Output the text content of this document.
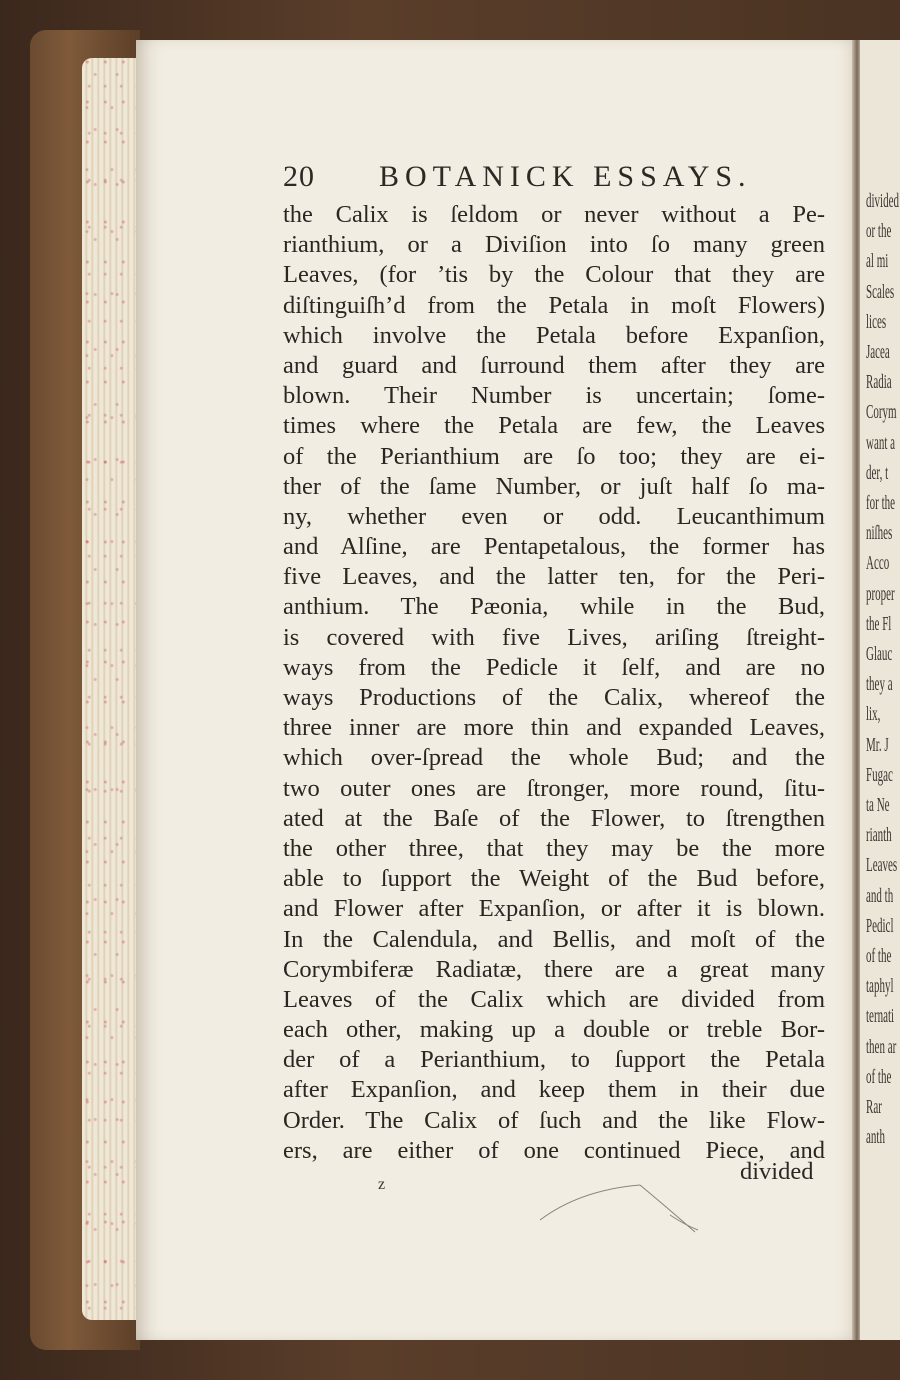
divided
or the
al mi
Scales
lices
Jacea
Radia
Corym
want a
der, t
for the
niſhes
Acco
proper
the Fl
Glauc
they a
lix,
Mr. J
Fugac
ta Ne
rianth
Leaves
and th
Pedicl
of the
taphyl
ternati
then ar
of the
Rar
anth
20 BOTANICK ESSAYS.
the Calix is ſeldom or never without a Pe-
rianthium, or a Diviſion into ſo many green
Leaves, (for ’tis by the Colour that they are
diſtinguiſh’d from the Petala in moſt Flowers)
which involve the Petala before Expanſion,
and guard and ſurround them after they are
blown. Their Number is uncertain; ſome-
times where the Petala are few, the Leaves
of the Perianthium are ſo too; they are ei-
ther of the ſame Number, or juſt half ſo ma-
ny, whether even or odd. Leucanthimum
and Alſine, are Pentapetalous, the former has
five Leaves, and the latter ten, for the Peri-
anthium. The Pæonia, while in the Bud,
is covered with five Lives, ariſing ſtreight-
ways from the Pedicle it ſelf, and are no
ways Productions of the Calix, whereof the
three inner are more thin and expanded Leaves,
which over-ſpread the whole Bud; and the
two outer ones are ſtronger, more round, ſitu-
ated at the Baſe of the Flower, to ſtrengthen
the other three, that they may be the more
able to ſupport the Weight of the Bud before,
and Flower after Expanſion, or after it is blown.
In the Calendula, and Bellis, and moſt of the
Corymbiferæ Radiatæ, there are a great many
Leaves of the Calix which are divided from
each other, making up a double or treble Bor-
der of a Perianthium, to ſupport the Petala
after Expanſion, and keep them in their due
Order. The Calix of ſuch and the like Flow-
ers, are either of one continued Piece, and
divided
z
